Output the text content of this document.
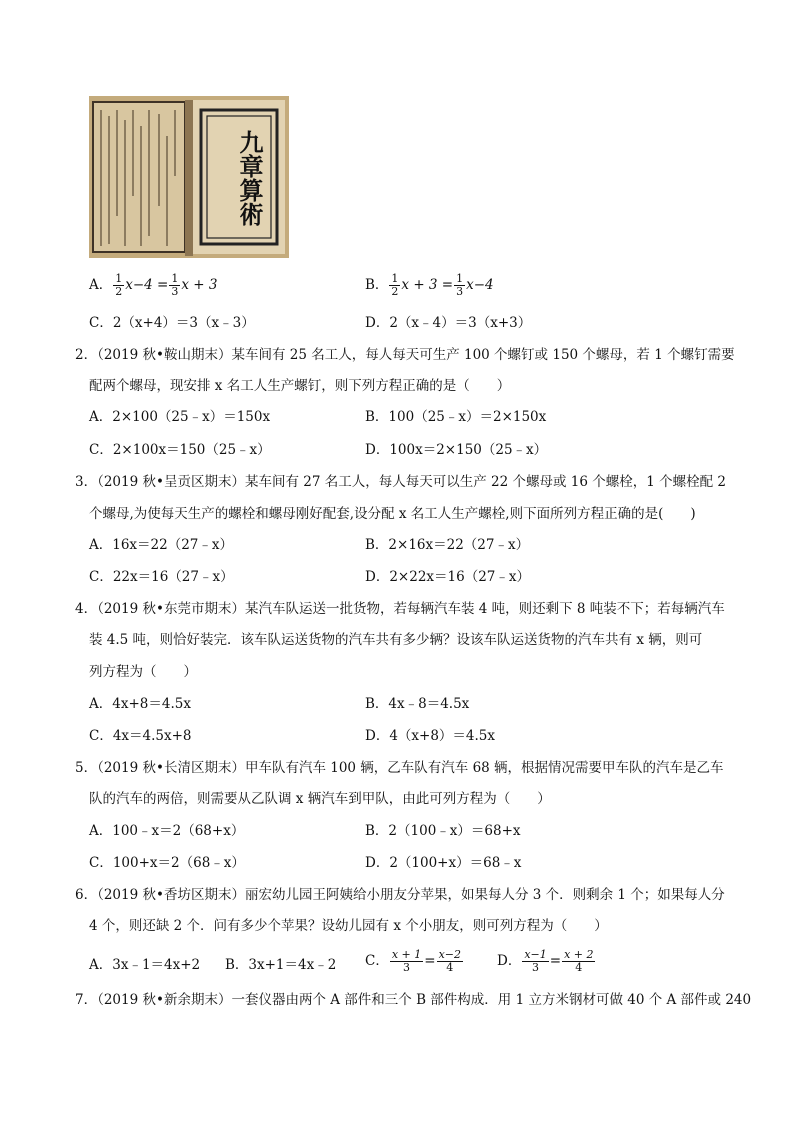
九章算術
A． $\frac{1}{2} x-4 = \frac{1}{3}$ x + 3	B． $\frac{1}{2}$ $x + 3 = \frac{1}{3} x-4$
C．2（x+4）＝3（x﹣3）	D．2（x﹣4）＝3（x+3）
2．（2019 秋•鞍山期末）某车间有 25 名工人，每人每天可生产 100 个螺钉或 150 个螺母，若 1 个螺钉需要
配两个螺母，现安排 x 名工人生产螺钉，则下列方程正确的是（　　）
A．2×100（25﹣x）＝150x	B．100（25﹣x）＝2×150x
C．2×100x＝150（25﹣x）	D．100x＝2×150（25﹣x）
3．（2019 秋•呈贡区期末）某车间有 27 名工人，每人每天可以生产 22 个螺母或 16 个螺栓，1 个螺栓配 2
个螺母,为使每天生产的螺栓和螺母刚好配套,设分配 x 名工人生产螺栓,则下面所列方程正确的是(　　)
A．16x＝22（27﹣x）	B．2×16x＝22（27﹣x）
C．22x＝16（27﹣x）	D．2×22x＝16（27﹣x）
4．（2019 秋•东莞市期末）某汽车队运送一批货物，若每辆汽车装 4 吨，则还剩下 8 吨装不下；若每辆汽车
装 4.5 吨，则恰好装完．该车队运送货物的汽车共有多少辆？设该车队运送货物的汽车共有 x 辆，则可
列方程为（　　）
A．4x+8＝4.5x	B．4x﹣8＝4.5x
C．4x＝4.5x+8	D．4（x+8）＝4.5x
5．（2019 秋•长清区期末）甲车队有汽车 100 辆，乙车队有汽车 68 辆，根据情况需要甲车队的汽车是乙车
队的汽车的两倍，则需要从乙队调 x 辆汽车到甲队，由此可列方程为（　　）
A．100﹣x＝2（68+x）	B．2（100﹣x）＝68+x
C．100+x＝2（68﹣x）	D．2（100+x）＝68﹣x
6．（2019 秋•香坊区期末）丽宏幼儿园王阿姨给小朋友分苹果，如果每人分 3 个．则剩余 1 个；如果每人分
4 个，则还缺 2 个．问有多少个苹果？设幼儿园有 x 个小朋友，则可列方程为（　　）
A．3x﹣1＝4x+2 B．3x+1＝4x﹣2 C． $\frac{x + 1}{3} = \frac{x-2}{4}$	D． $\frac{x-1}{3} = \frac{x + 2}{4}$
7．（2019 秋•新余期末）一套仪器由两个 A 部件和三个 B 部件构成．用 1 立方米钢材可做 40 个 A 部件或 240
